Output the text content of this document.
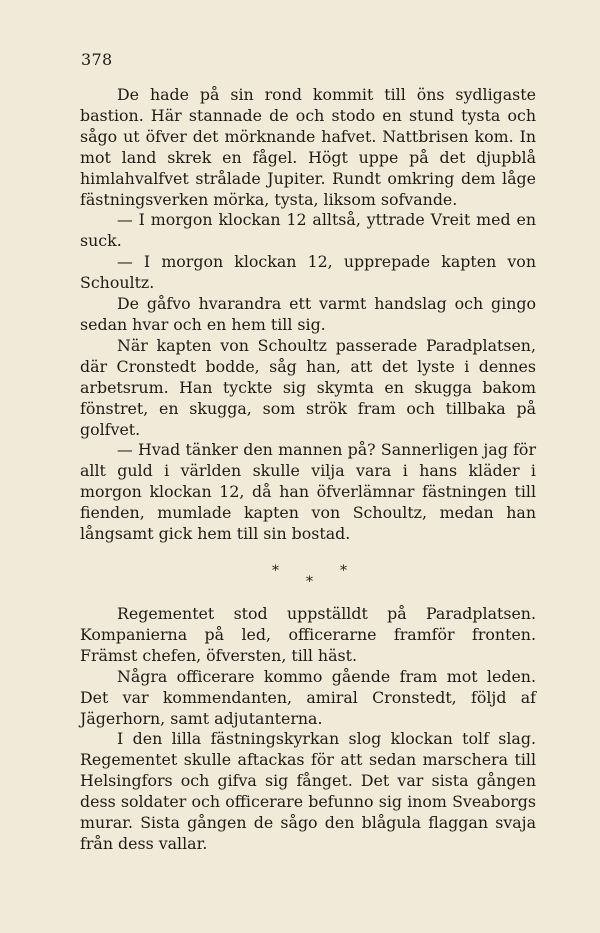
378

De hade på sin rond kommit till öns sydligaste bastion. Här stannade de och stodo en stund tysta och sågo ut öfver det mörknande hafvet. Nattbrisen kom. In mot land skrek en fågel. Högt uppe på det djupblå himlahvalfvet strålade Jupiter. Rundt omkring dem låge fästningsverken mörka, tysta, liksom sofvande.

— I morgon klockan 12 alltså, yttrade Vreit med en suck.

— I morgon klockan 12, upprepade kapten von Schoultz.

De gåfvo hvarandra ett varmt handslag och gingo sedan hvar och en hem till sig.

När kapten von Schoultz passerade Paradplatsen, där Cronstedt bodde, såg han, att det lyste i dennes arbetsrum. Han tyckte sig skymta en skugga bakom fönstret, en skugga, som strök fram och tillbaka på golfvet.

— Hvad tänker den mannen på? Sannerligen jag för allt guld i världen skulle vilja vara i hans kläder i morgon klockan 12, då han öfverlämnar fästningen till fienden, mumlade kapten von Schoultz, medan han långsamt gick hem till sin bostad.

*	*
*

Regementet stod uppställdt på Paradplatsen. Kompanierna på led, officerarne framför fronten. Främst chefen, öfversten, till häst.

Några officerare kommo gående fram mot leden. Det var kommendanten, amiral Cronstedt, följd af Jägerhorn, samt adjutanterna.

I den lilla fästningskyrkan slog klockan tolf slag. Regementet skulle aftackas för att sedan marschera till Helsingfors och gifva sig fånget. Det var sista gången dess soldater och officerare befunno sig inom Sveaborgs murar. Sista gången de sågo den blågula flaggan svaja från dess vallar.
